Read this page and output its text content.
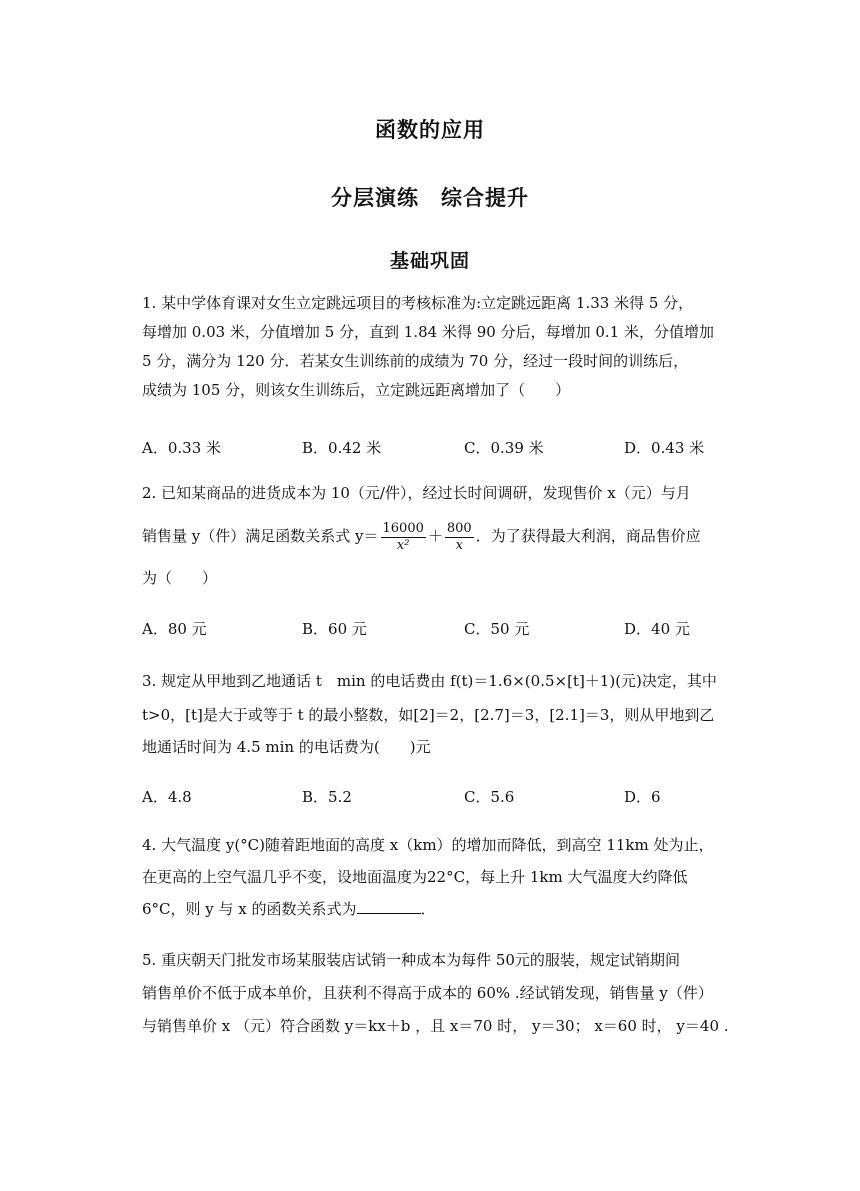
函数的应用
分层演练　综合提升
基础巩固
1. 某中学体育课对女生立定跳远项目的考核标准为:立定跳远距离 1.33 米得 5 分，
每增加 0.03 米，分值增加 5 分，直到 1.84 米得 90 分后，每增加 0.1 米，分值增加
5 分，满分为 120 分．若某女生训练前的成绩为 70 分，经过一段时间的训练后，
成绩为 105 分，则该女生训练后，立定跳远距离增加了（　　）
A．0.33 米	B．0.42 米	C．0.39 米	D．0.43 米
2. 已知某商品的进货成本为 10（元/件），经过长时间调研，发现售价 x（元）与月
销售量 y（件）满足函数关系式 $y= \frac{16000}{\text{x²}} + \frac{800}{x}$ ．为了获得最大利润，商品售价应
为（　　）
A．80 元	B．60 元	C．50 元	D．40 元
3. 规定从甲地到乙地通话 t　min 的电话费由 f(t)＝1.6×(0.5×[t]＋1)(元)决定，其中
t>0，[t]是大于或等于 t 的最小整数，如[2]＝2，[2.7]＝3，[2.1]＝3，则从甲地到乙
地通话时间为 4.5 min 的电话费为(　　)元
A．4.8	B．5.2	C．5.6	D．6
4. 大气温度 y(°C)随着距地面的高度 x（km）的增加而降低，到高空 11km 处为止，
在更高的上空气温几乎不变，设地面温度为22°C，每上升 1km 大气温度大约降低
6°C，则 y 与 x 的函数关系式为	．
5. 重庆朝天门批发市场某服装店试销一种成本为每件 50元的服装，规定试销期间
销售单价不低于成本单价，且获利不得高于成本的 60% .经试销发现，销售量 y（件）
与销售单价 x （元）符合函数 y＝kx＋b ，且 x＝70 时， y＝30； x＝60 时， y＝40 .
